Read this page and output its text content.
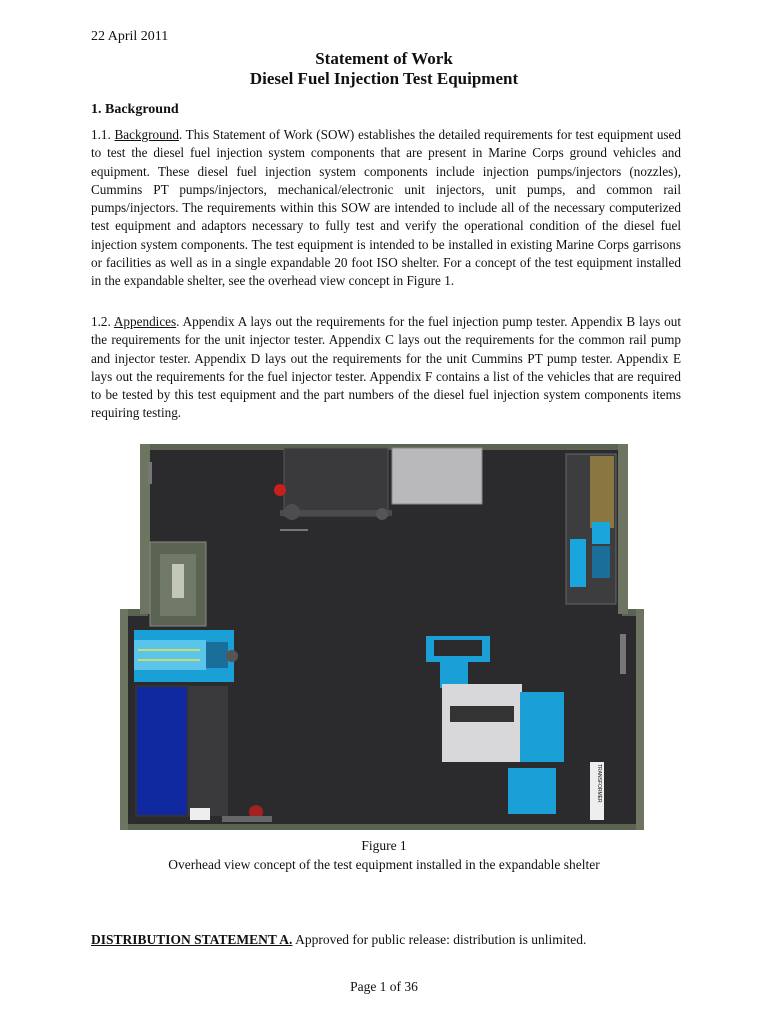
22 April 2011
Statement of Work
Diesel Fuel Injection Test Equipment
1. Background
1.1. Background. This Statement of Work (SOW) establishes the detailed requirements for test equipment used to test the diesel fuel injection system components that are present in Marine Corps ground vehicles and equipment. These diesel fuel injection system components include injection pumps/injectors (nozzles), Cummins PT pumps/injectors, mechanical/electronic unit injectors, unit pumps, and common rail pumps/injectors. The requirements within this SOW are intended to include all of the necessary computerized test equipment and adaptors necessary to fully test and verify the operational condition of the diesel fuel injection system components. The test equipment is intended to be installed in existing Marine Corps garrisons or facilities as well as in a single expandable 20 foot ISO shelter. For a concept of the test equipment installed in the expandable shelter, see the overhead view concept in Figure 1.
1.2. Appendices. Appendix A lays out the requirements for the fuel injection pump tester. Appendix B lays out the requirements for the unit injector tester. Appendix C lays out the requirements for the common rail pump and injector tester. Appendix D lays out the requirements for the unit Cummins PT pump tester. Appendix E lays out the requirements for the fuel injector tester. Appendix F contains a list of the vehicles that are required to be tested by this test equipment and the part numbers of the diesel fuel injection system components items requiring testing.
TRANSFORMER
Figure 1
Overhead view concept of the test equipment installed in the expandable shelter
DISTRIBUTION STATEMENT A. Approved for public release: distribution is unlimited.
Page 1 of 36
